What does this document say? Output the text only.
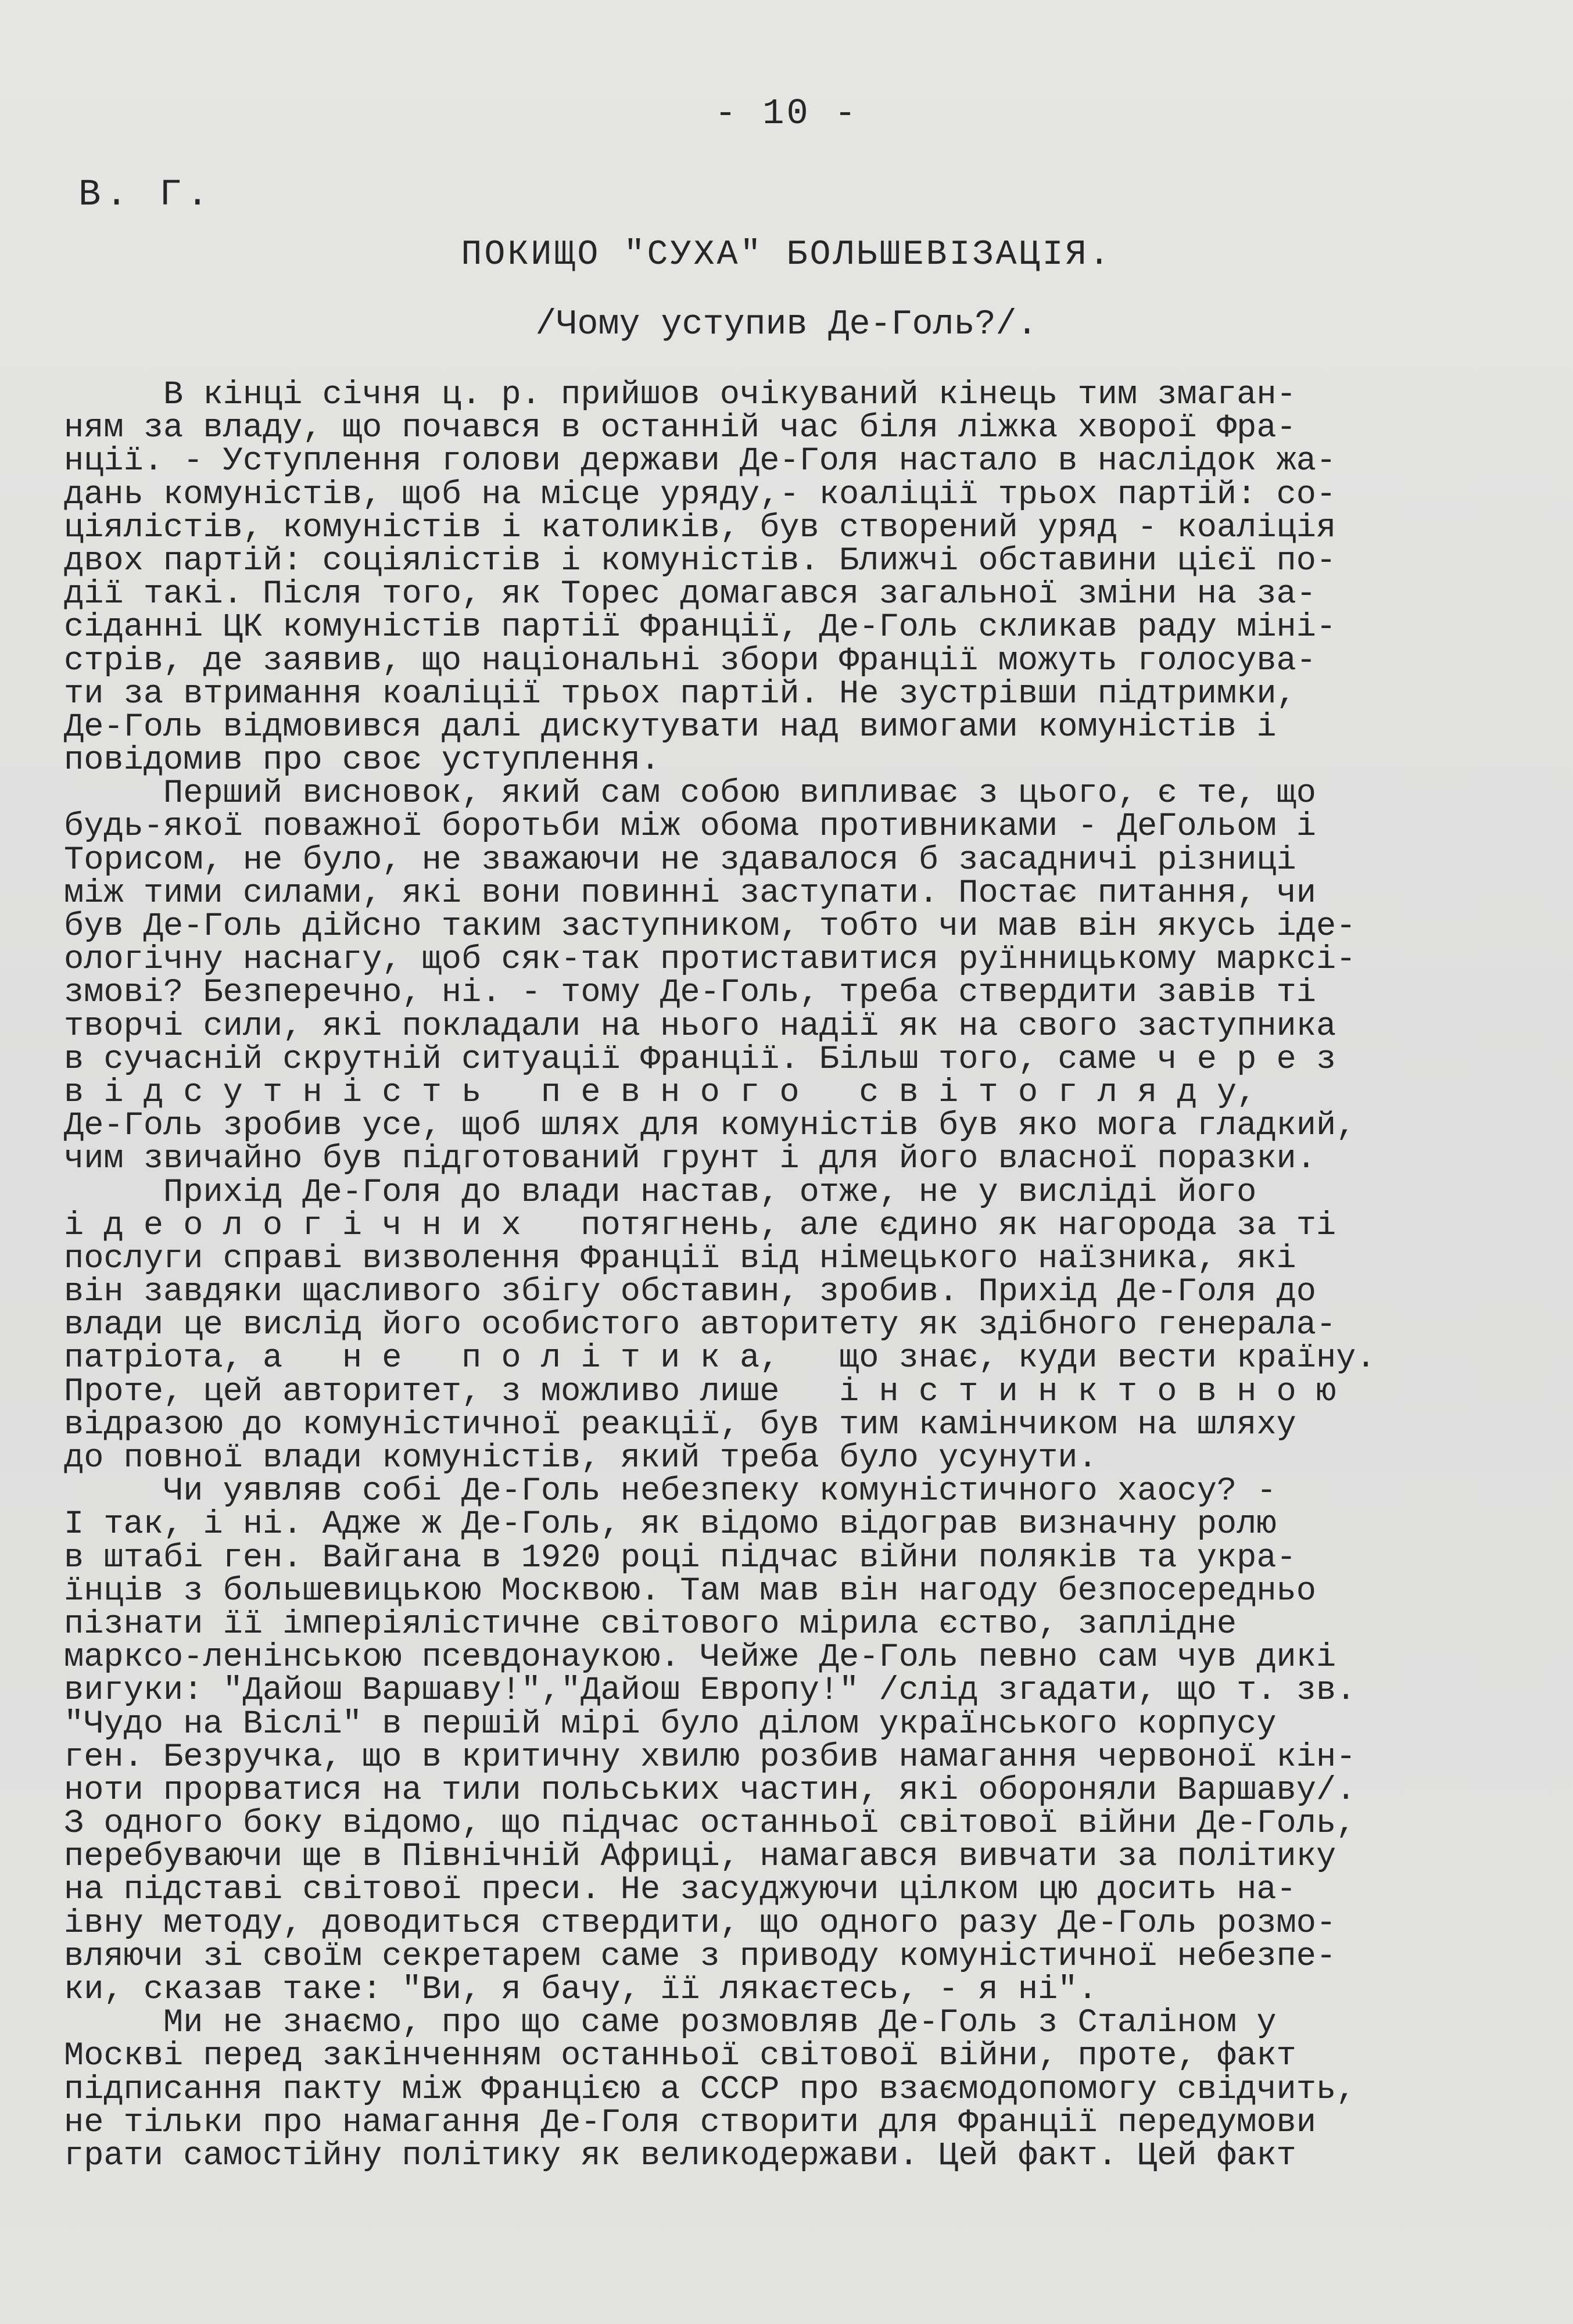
- 10 -
В. Г.
ПОКИЩО "СУХА" БОЛЬШЕВІЗАЦІЯ.
/Чому уступив Де-Голь?/.
В кінці січня ц. р. прийшов очікуваний кінець тим змаган-
ням за владу, що почався в останній час біля ліжка хворої Фра-
нції. - Уступлення голови держави Де-Голя настало в наслідок жа-
дань комуністів, щоб на місце уряду,- коаліції трьох партій: со-
ціялістів, комуністів і католиків, був створений уряд - коаліція
двох партій: соціялістів і комуністів. Ближчі обставини цієї по-
дії такі. Після того, як Торес домагався загальної зміни на за-
сіданні ЦК комуністів партії Франції, Де-Голь скликав раду міні-
стрів, де заявив, що національні збори Франції можуть голосува-
ти за втримання коаліції трьох партій. Не зустрівши підтримки,
Де-Голь відмовився далі дискутувати над вимогами комуністів і
повідомив про своє уступлення.
Перший висновок, який сам собою випливає з цього, є те, що
будь-якої поважної боротьби між обома противниками - ДеГольом і
Торисом, не було, не зважаючи не здавалося б засадничі різниці
між тими силами, які вони повинні заступати. Постає питання, чи
був Де-Голь дійсно таким заступником, тобто чи мав він якусь іде-
ологічну наснагу, щоб сяк-так протиставитися руїнницькому марксі-
змові? Безперечно, ні. - тому Де-Голь, треба ствердити завів ті
творчі сили, які покладали на нього надії як на свого заступника
в сучасній скрутній ситуації Франції. Більш того, саме ч е р е з
в і д с у т н і с т ь   п е в н о г о   с в і т о г л я д у,
Де-Голь зробив усе, щоб шлях для комуністів був яко мога гладкий,
чим звичайно був підготований грунт і для його власної поразки.
Прихід Де-Голя до влади настав, отже, не у висліді його
і д е о л о г і ч н и х   потягнень, але єдино як нагорода за ті
послуги справі визволення Франції від німецького наїзника, які
він завдяки щасливого збігу обставин, зробив. Прихід Де-Голя до
влади це вислід його особистого авторитету як здібного генерала-
патріота, а   н е   п о л і т и к а,   що знає, куди вести країну.
Проте, цей авторитет, з можливо лише   і н с т и н к т о в н о ю
відразою до комуністичної реакції, був тим камінчиком на шляху
до повної влади комуністів, який треба було усунути.
Чи уявляв собі Де-Голь небезпеку комуністичного хаосу? -
І так, і ні. Адже ж Де-Голь, як відомо відограв визначну ролю
в штабі ген. Вайгана в 1920 році підчас війни поляків та укра-
їнців з большевицькою Москвою. Там мав він нагоду безпосередньо
пізнати її імперіялістичне світового мірила єство, заплідне
марксо-ленінською псевдонаукою. Чейже Де-Голь певно сам чув дикі
вигуки: "Дайош Варшаву!","Дайош Европу!" /слід згадати, що т. зв.
"Чудо на Віслі" в першій мірі було ділом українського корпусу
ген. Безручка, що в критичну хвилю розбив намагання червоної кін-
ноти прорватися на тили польських частин, які обороняли Варшаву/.
З одного боку відомо, що підчас останньої світової війни Де-Голь,
перебуваючи ще в Північній Африці, намагався вивчати за політику
на підставі світової преси. Не засуджуючи цілком цю досить на-
івну методу, доводиться ствердити, що одного разу Де-Голь розмо-
вляючи зі своїм секретарем саме з приводу комуністичної небезпе-
ки, сказав таке: "Ви, я бачу, її лякаєтесь, - я ні".
Ми не знаємо, про що саме розмовляв Де-Голь з Сталіном у
Москві перед закінченням останньої світової війни, проте, факт
підписання пакту між Францією а СССР про взаємодопомогу свідчить,
не тільки про намагання Де-Голя створити для Франції передумови
грати самостійну політику як великодержави. Цей факт. Цей факт
